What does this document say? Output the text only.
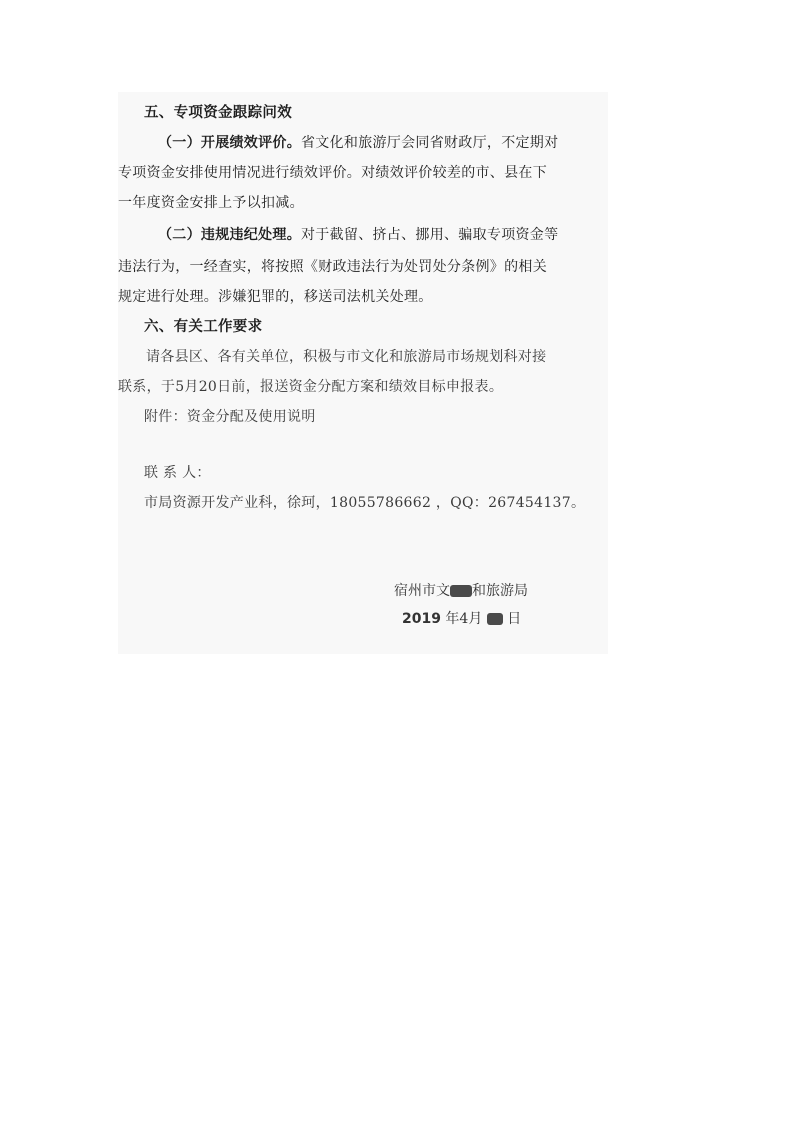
五、专项资金跟踪问效
（一）开展绩效评价。省文化和旅游厅会同省财政厅，不定期对
专项资金安排使用情况进行绩效评价。对绩效评价较差的市、县在下
一年度资金安排上予以扣减。
（二）违规违纪处理。对于截留、挤占、挪用、骗取专项资金等
违法行为，一经查实，将按照《财政违法行为处罚处分条例》的相关
规定进行处理。涉嫌犯罪的，移送司法机关处理。
六、有关工作要求
请各县区、各有关单位，积极与市文化和旅游局市场规划科对接
联系，于5月20日前，报送资金分配方案和绩效目标申报表。
附件：资金分配及使用说明
联 系 人：
市局资源开发产业科，徐珂，18055786662 ，QQ：267454137。
宿州市文 和旅游局
2019 年4月 日
